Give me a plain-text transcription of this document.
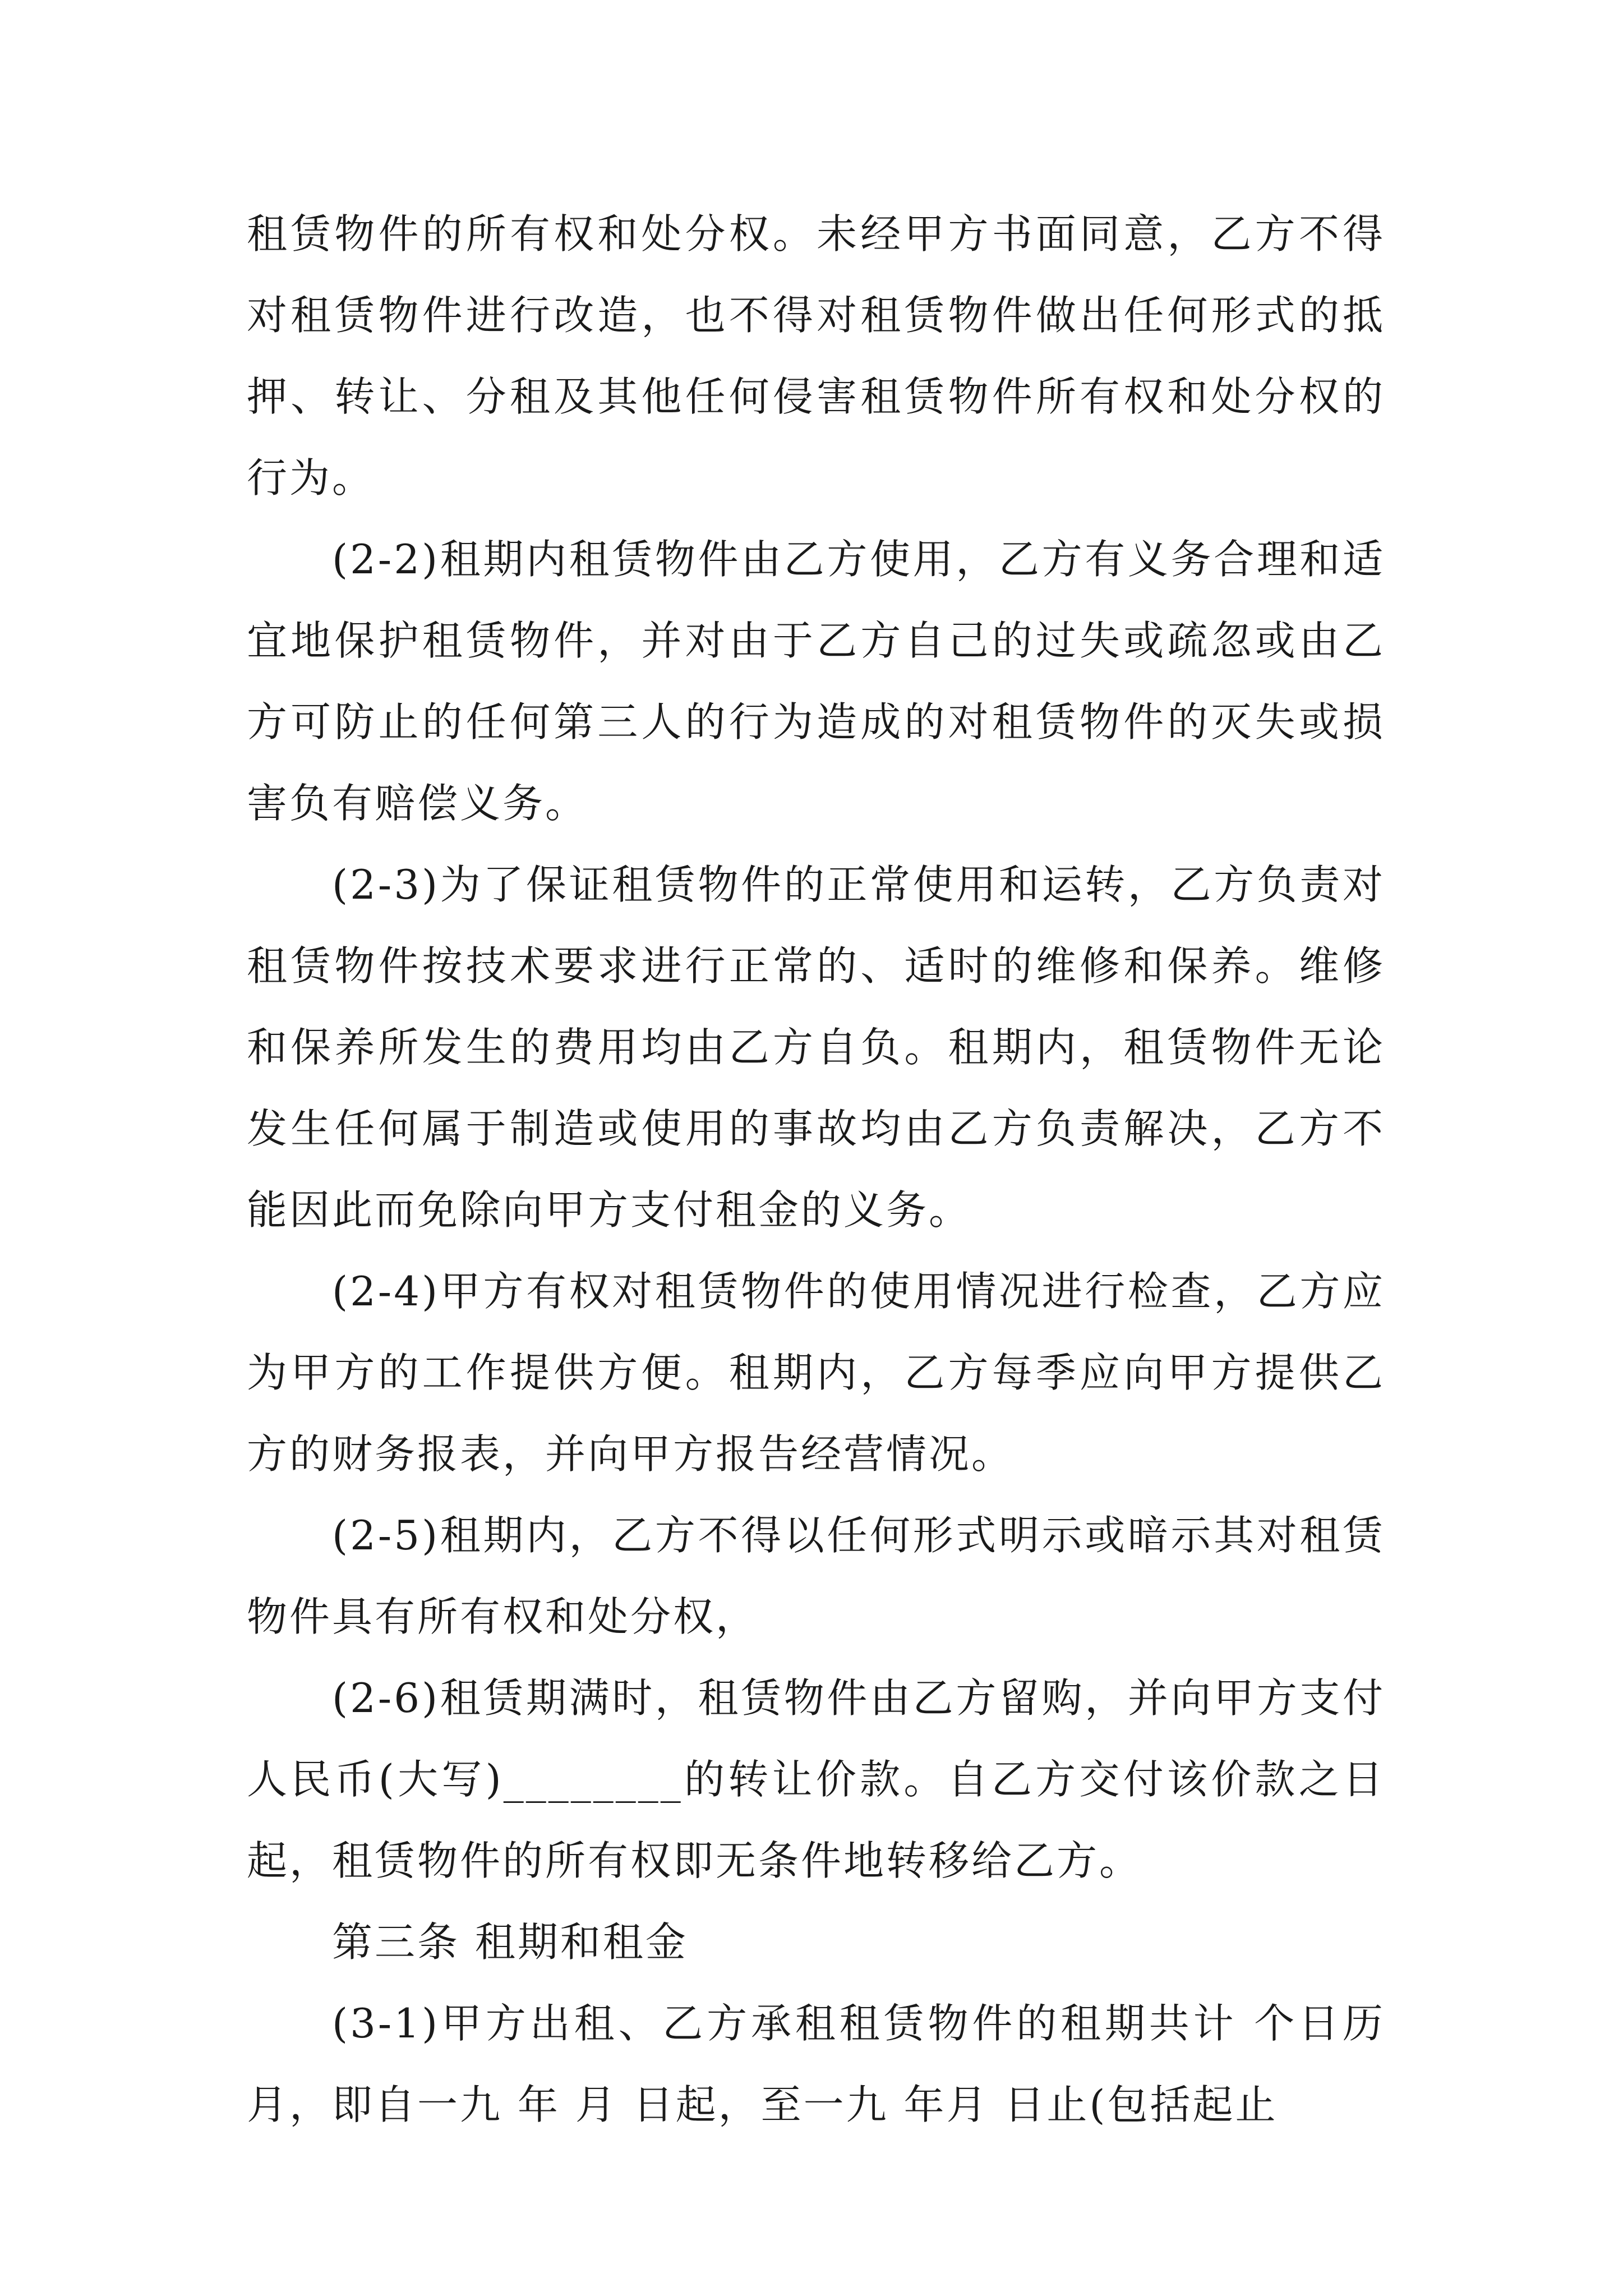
租赁物件的所有权和处分权。未经甲方书面同意，乙方不得对租赁物件进行改造，也不得对租赁物件做出任何形式的抵押、转让、分租及其他任何侵害租赁物件所有权和处分权的行为。

(2-2)租期内租赁物件由乙方使用，乙方有义务合理和适宜地保护租赁物件，并对由于乙方自己的过失或疏忽或由乙方可防止的任何第三人的行为造成的对租赁物件的灭失或损害负有赔偿义务。

(2-3)为了保证租赁物件的正常使用和运转，乙方负责对租赁物件按技术要求进行正常的、适时的维修和保养。维修和保养所发生的费用均由乙方自负。租期内，租赁物件无论发生任何属于制造或使用的事故均由乙方负责解决，乙方不能因此而免除向甲方支付租金的义务。

(2-4)甲方有权对租赁物件的使用情况进行检查，乙方应为甲方的工作提供方便。租期内，乙方每季应向甲方提供乙方的财务报表，并向甲方报告经营情况。

(2-5)租期内，乙方不得以任何形式明示或暗示其对租赁物件具有所有权和处分权，

(2-6)租赁期满时，租赁物件由乙方留购，并向甲方支付人民币(大写)________的转让价款。自乙方交付该价款之日起，租赁物件的所有权即无条件地转移给乙方。

第三条 租期和租金

(3-1)甲方出租、乙方承租租赁物件的租期共计 个日历月，即自一九 年 月 日起，至一九 年月 日止(包括起止
